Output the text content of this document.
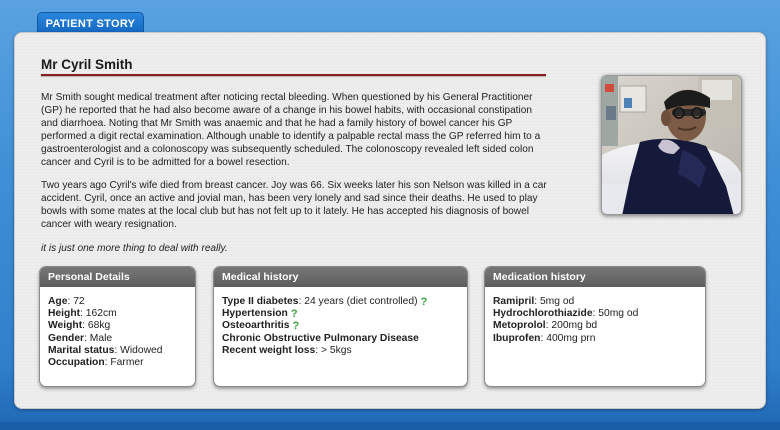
PATIENT STORY
Mr Cyril Smith

Mr Smith sought medical treatment after noticing rectal bleeding. When questioned by his General Practitioner (GP) he reported that he had also become aware of a change in his bowel habits, with occasional constipation and diarrhoea. Noting that Mr Smith was anaemic and that he had a family history of bowel cancer his GP performed a digit rectal examination. Although unable to identify a palpable rectal mass the GP referred him to a gastroenterologist and a colonoscopy was subsequently scheduled. The colonoscopy revealed left sided colon cancer and Cyril is to be admitted for a bowel resection.

Two years ago Cyril's wife died from breast cancer. Joy was 66. Six weeks later his son Nelson was killed in a car accident. Cyril, once an active and jovial man, has been very lonely and sad since their deaths. He used to play bowls with some mates at the local club but has not felt up to it lately. He has accepted his diagnosis of bowel cancer with weary resignation.

it is just one more thing to deal with really.

Personal Details
Age: 72
Height: 162cm
Weight: 68kg
Gender: Male
Marital status: Widowed
Occupation: Farmer
Medical history
Type II diabetes: 24 years (diet controlled) ?
Hypertension ?
Osteoarthritis ?
Chronic Obstructive Pulmonary Disease
Recent weight loss: > 5kgs
Medication history
Ramipril: 5mg od
Hydrochlorothiazide: 50mg od
Metoprolol: 200mg bd
Ibuprofen: 400mg prn
